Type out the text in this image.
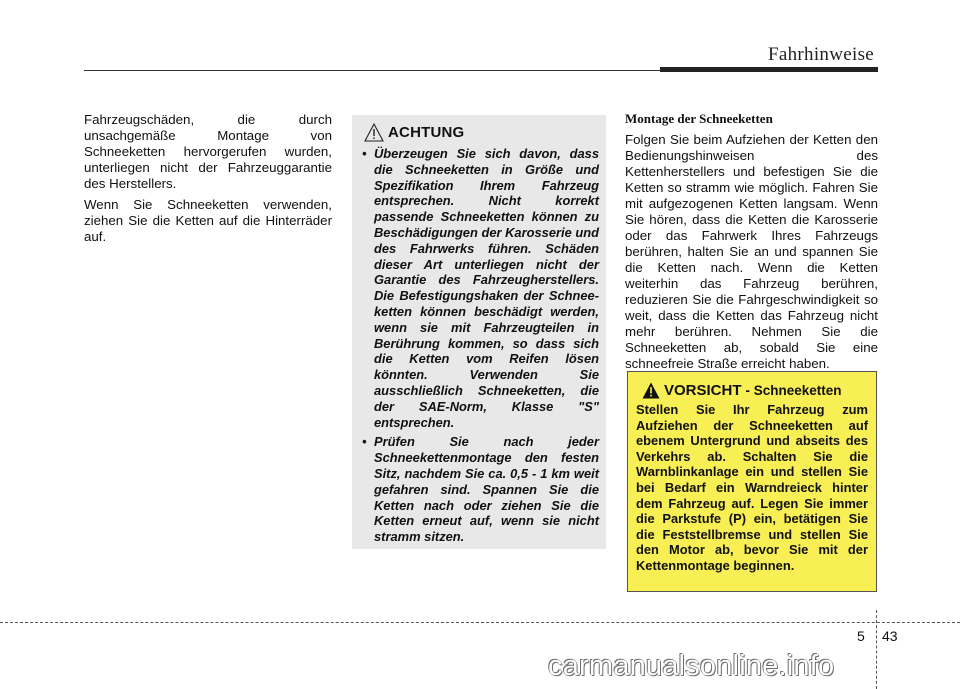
Fahrhinweise

Fahrzeugschäden, die durch unsachgemäße Montage von Schneeketten hervorgerufen wurden, unterliegen nicht der Fahrzeuggarantie des Herstellers.

Wenn Sie Schneeketten verwenden, ziehen Sie die Ketten auf die Hinterräder auf.

ACHTUNG
• Überzeugen Sie sich davon, dass die Schneeketten in Größe und Spezifikation Ihrem Fahrzeug entsprechen. Nicht korrekt passende Schneeketten können zu Beschädigungen der Karosserie und des Fahrwerks führen. Schäden dieser Art unterliegen nicht der Garantie des Fahrzeugherstellers. Die Befestigungshaken der Schnee-ketten können beschädigt werden, wenn sie mit Fahrzeugteilen in Berührung kommen, so dass sich die Ketten vom Reifen lösen könnten. Verwenden Sie ausschließlich Schneeketten, die der SAE-Norm, Klasse "S" entsprechen.
• Prüfen Sie nach jeder Schneekettenmontage den festen Sitz, nachdem Sie ca. 0,5 - 1 km weit gefahren sind. Spannen Sie die Ketten nach oder ziehen Sie die Ketten erneut auf, wenn sie nicht stramm sitzen.

Montage der Schneeketten

Folgen Sie beim Aufziehen der Ketten den Bedienungshinweisen des Kettenherstellers und befestigen Sie die Ketten so stramm wie möglich. Fahren Sie mit aufgezogenen Ketten langsam. Wenn Sie hören, dass die Ketten die Karosserie oder das Fahrwerk Ihres Fahrzeugs berühren, halten Sie an und spannen Sie die Ketten nach. Wenn die Ketten weiterhin das Fahrzeug berühren, reduzieren Sie die Fahrgeschwindigkeit so weit, dass die Ketten das Fahrzeug nicht mehr berühren. Nehmen Sie die Schneeketten ab, sobald Sie eine schneefreie Straße erreicht haben.

VORSICHT - Schneeketten

Stellen Sie Ihr Fahrzeug zum Aufziehen der Schneeketten auf ebenem Untergrund und abseits des Verkehrs ab. Schalten Sie die Warnblinkanlage ein und stellen Sie bei Bedarf ein Warndreieck hinter dem Fahrzeug auf. Legen Sie immer die Parkstufe (P) ein, betätigen Sie die Feststellbremse und stellen Sie den Motor ab, bevor Sie mit der Kettenmontage beginnen.

5 43
carmanualsonline.info
